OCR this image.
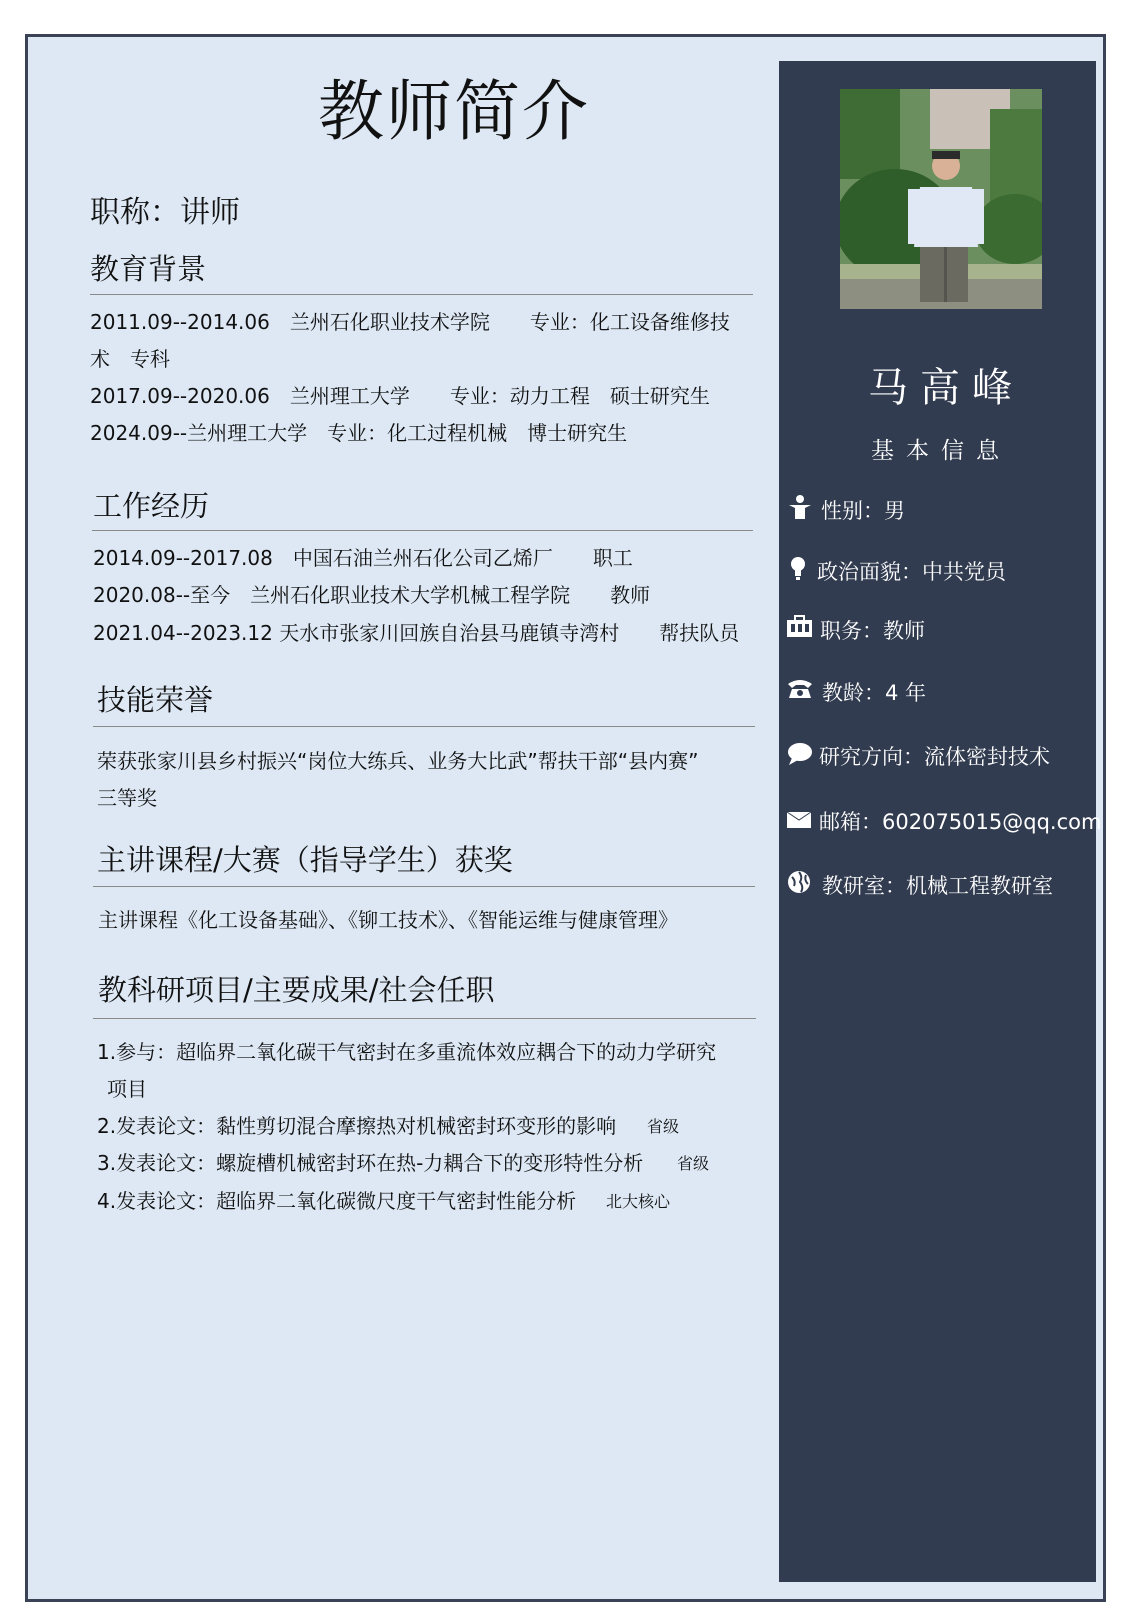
教师简介
职称：讲师
教育背景
2011.09--2014.06　兰州石化职业技术学院　　专业：化工设备维修技
术　专科
2017.09--2020.06　兰州理工大学　　专业：动力工程　硕士研究生
2024.09--兰州理工大学　专业：化工过程机械　博士研究生
工作经历
2014.09--2017.08　中国石油兰州石化公司乙烯厂　　职工
2020.08--至今　兰州石化职业技术大学机械工程学院　　教师
2021.04--2023.12 天水市张家川回族自治县马鹿镇寺湾村　　帮扶队员
技能荣誉
荣获张家川县乡村振兴“岗位大练兵、业务大比武”帮扶干部“县内赛”
三等奖
主讲课程/大赛（指导学生）获奖
主讲课程《化工设备基础》、《铆工技术》、《智能运维与健康管理》
教科研项目/主要成果/社会任职
1.参与：超临界二氧化碳干气密封在多重流体效应耦合下的动力学研究
项目
2.发表论文：黏性剪切混合摩擦热对机械密封环变形的影响 省级
3.发表论文：螺旋槽机械密封环在热-力耦合下的变形特性分析 省级
4.发表论文：超临界二氧化碳微尺度干气密封性能分析 北大核心
马高峰
基本信息
性别：男
政治面貌：中共党员
职务：教师
教龄：4 年
研究方向：流体密封技术
邮箱：602075015@qq.com
教研室：机械工程教研室
